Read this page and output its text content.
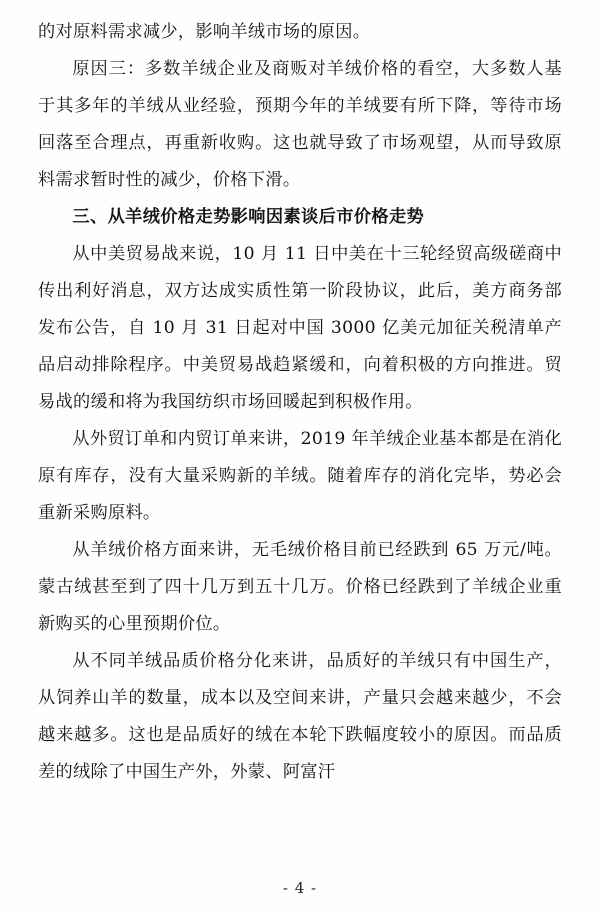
的对原料需求减少，影响羊绒市场的原因。

原因三：多数羊绒企业及商贩对羊绒价格的看空，大多数人基于其多年的羊绒从业经验，预期今年的羊绒要有所下降，等待市场回落至合理点，再重新收购。这也就导致了市场观望，从而导致原料需求暂时性的减少，价格下滑。

三、从羊绒价格走势影响因素谈后市价格走势

从中美贸易战来说，10 月 11 日中美在十三轮经贸高级磋商中传出利好消息，双方达成实质性第一阶段协议，此后，美方商务部发布公告，自 10 月 31 日起对中国 3000 亿美元加征关税清单产品启动排除程序。中美贸易战趋紧缓和，向着积极的方向推进。贸易战的缓和将为我国纺织市场回暖起到积极作用。

从外贸订单和内贸订单来讲，2019 年羊绒企业基本都是在消化原有库存，没有大量采购新的羊绒。随着库存的消化完毕，势必会重新采购原料。

从羊绒价格方面来讲，无毛绒价格目前已经跌到 65 万元/吨。蒙古绒甚至到了四十几万到五十几万。价格已经跌到了羊绒企业重新购买的心里预期价位。

从不同羊绒品质价格分化来讲，品质好的羊绒只有中国生产，从饲养山羊的数量，成本以及空间来讲，产量只会越来越少，不会越来越多。这也是品质好的绒在本轮下跌幅度较小的原因。而品质差的绒除了中国生产外，外蒙、阿富汗

- 4 -
